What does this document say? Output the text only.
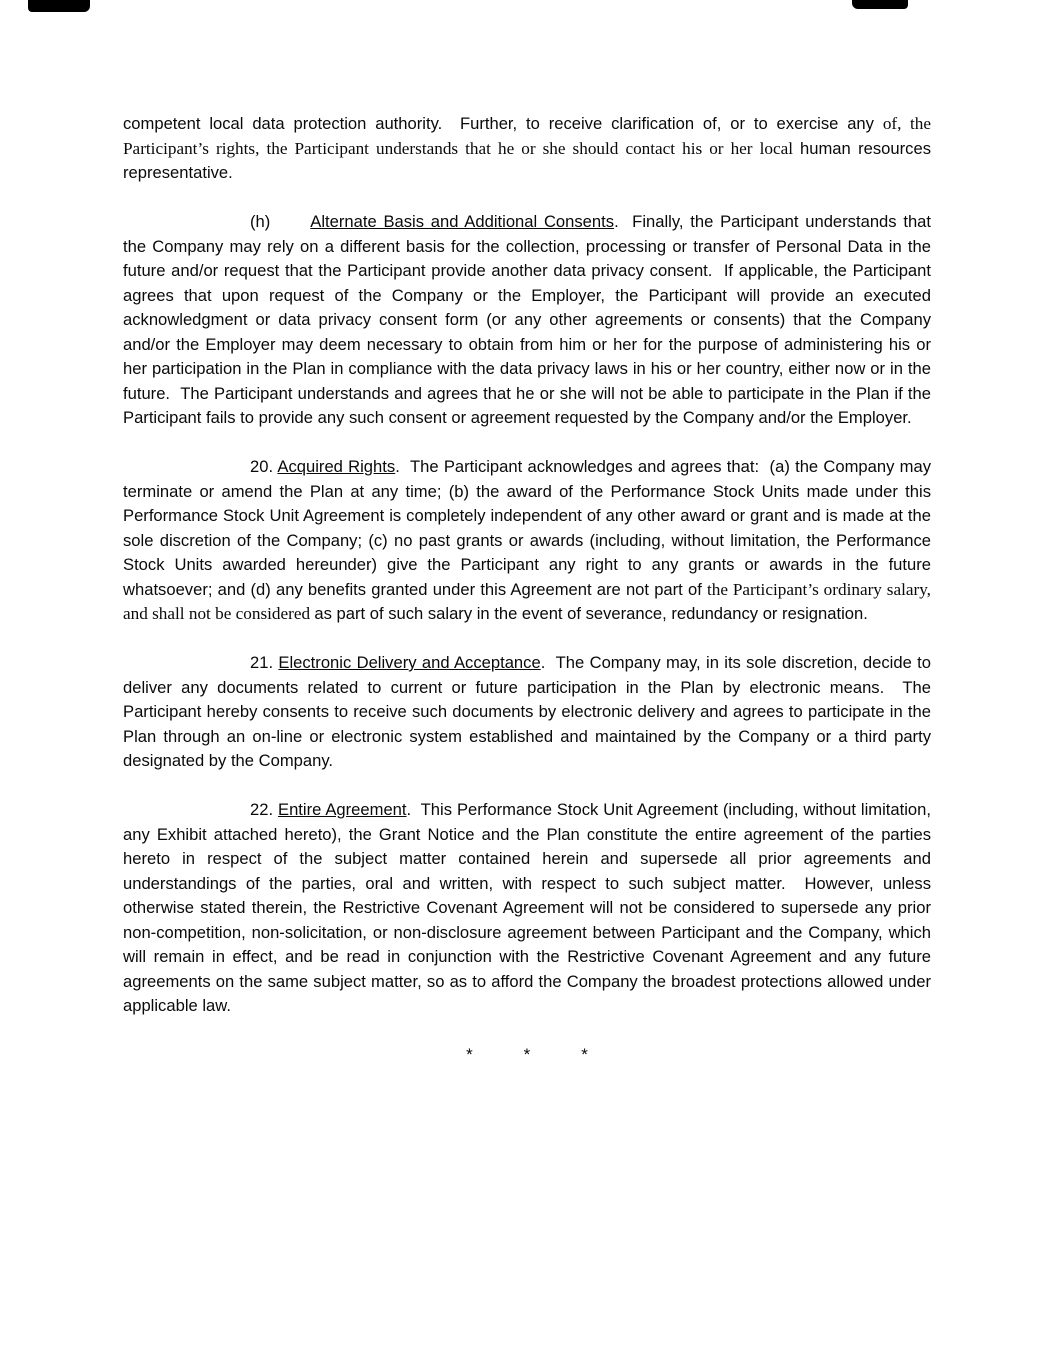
competent local data protection authority.  Further, to receive clarification of, or to exercise any of, the Participant’s rights, the Participant understands that he or she should contact his or her local human resources representative.

(h) Alternate Basis and Additional Consents.  Finally, the Participant understands that the Company may rely on a different basis for the collection, processing or transfer of Personal Data in the future and/or request that the Participant provide another data privacy consent.  If applicable, the Participant agrees that upon request of the Company or the Employer, the Participant will provide an executed acknowledgment or data privacy consent form (or any other agreements or consents) that the Company and/or the Employer may deem necessary to obtain from him or her for the purpose of administering his or her participation in the Plan in compliance with the data privacy laws in his or her country, either now or in the future.  The Participant understands and agrees that he or she will not be able to participate in the Plan if the Participant fails to provide any such consent or agreement requested by the Company and/or the Employer.

20. Acquired Rights.  The Participant acknowledges and agrees that:  (a) the Company may terminate or amend the Plan at any time; (b) the award of the Performance Stock Units made under this Performance Stock Unit Agreement is completely independent of any other award or grant and is made at the sole discretion of the Company; (c) no past grants or awards (including, without limitation, the Performance Stock Units awarded hereunder) give the Participant any right to any grants or awards in the future whatsoever; and (d) any benefits granted under this Agreement are not part of the Participant’s ordinary salary, and shall not be considered as part of such salary in the event of severance, redundancy or resignation.

21. Electronic Delivery and Acceptance.  The Company may, in its sole discretion, decide to deliver any documents related to current or future participation in the Plan by electronic means.  The Participant hereby consents to receive such documents by electronic delivery and agrees to participate in the Plan through an on-line or electronic system established and maintained by the Company or a third party designated by the Company.

22. Entire Agreement.  This Performance Stock Unit Agreement (including, without limitation, any Exhibit attached hereto), the Grant Notice and the Plan constitute the entire agreement of the parties hereto in respect of the subject matter contained herein and supersede all prior agreements and understandings of the parties, oral and written, with respect to such subject matter.  However, unless otherwise stated therein, the Restrictive Covenant Agreement will not be considered to supersede any prior non-competition, non-solicitation, or non-disclosure agreement between Participant and the Company, which will remain in effect, and be read in conjunction with the Restrictive Covenant Agreement and any future agreements on the same subject matter, so as to afford the Company the broadest protections allowed under applicable law.

*   *   *
